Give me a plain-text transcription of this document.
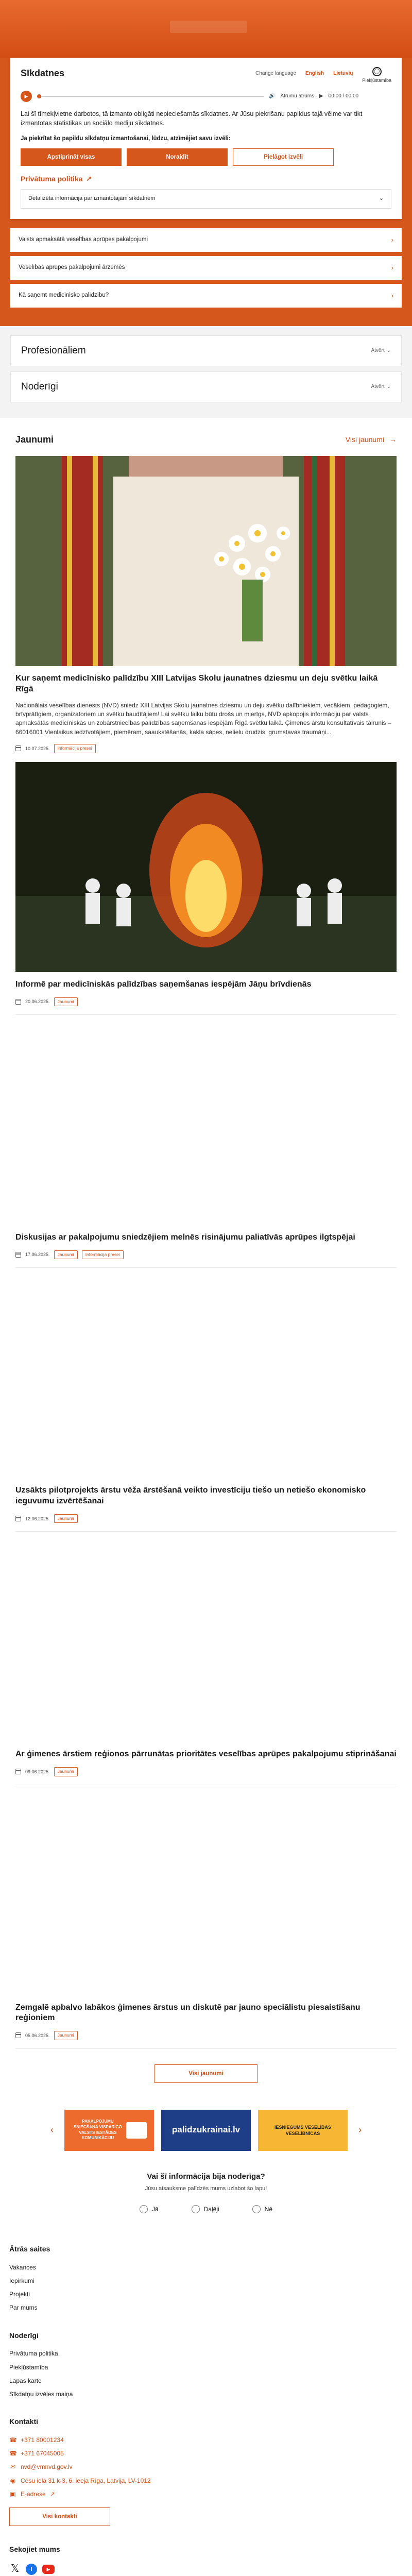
Sīkdatnes	Change language English Lietuvių	◯
Piekļūstamība
▶	🔊 Ātrumu ātrums ▶ 00:00 / 00:00

Lai šī tīmekļvietne darbotos, tā izmanto obligāti nepieciešamās sīkdatnes. Ar Jūsu piekrišanu papildus tajā vēlme var tikt izmantotas statistikas un sociālo mediju sīkdatnes.

Ja piekrītat šo papildu sīkdatņu izmantošanai, lūdzu, atzīmējiet savu izvēli:

Apstiprināt visas	Noraidīt	Pielāgot izvēli
Privātuma politika ↗
Detalizēta informācija par izmantotajām sīkdatnēm	⌄
Valsts apmaksātā veselības aprūpes pakalpojumi	›
Veselības aprūpes pakalpojumi ārzemēs	›
Kā saņemt medicīnisko palīdzību?	›
Profesionāliem	Atvērt ⌄
Noderīgi	Atvērt ⌄
Jaunumi	Visi jaunumi →
Kur saņemt medicīnisko palīdzību XIII Latvijas Skolu jaunatnes dziesmu un deju svētku laikā Rīgā

Nacionālais veselības dienests (NVD) sniedz XIII Latvijas Skolu jaunatnes dziesmu un deju svētku dalībniekiem, vecākiem, pedagogiem, brīvprātīgiem, organizatoriem un svētku baudītājiem! Lai svētku laiku būtu drošs un mierīgs, NVD apkopojis informāciju par valsts apmaksātās medicīniskās un zobārstniecības palīdzības saņemšanas iespējām Rīgā svētku laikā. Ģimenes ārstu konsultatīvais tālrunis – 66016001 Vienlaikus iedzīvotājiem, piemēram, saaukstēšanās, kakla sāpes, nelielu drudzis, grumstavas traumāņi...

10.07.2025.	Informācija presei
Informē par medicīniskās palīdzības saņemšanas iespējām Jāņu brīvdienās
20.06.2025.	Jaunumi
Diskusijas ar pakalpojumu sniedzējiem melnēs risinājumu paliatīvās aprūpes ilgtspējai
17.06.2025.	Jaunumi	Informācija presei
Uzsākts pilotprojekts ārstu vēža ārstēšanā veikto investīciju tiešo un netiešo ekonomisko ieguvumu izvērtēšanai
12.06.2025.	Jaunumi
Ar ģimenes ārstiem reģionos pārrunātas prioritātes veselības aprūpes pakalpojumu stiprināšanai
09.06.2025.	Jaunumi
Zemgalē apbalvo labākos ģimenes ārstus un diskutē par jauno speciālistu piesaistīšanu reģioniem
05.06.2025.	Jaunumi
Visi jaunumi
‹
PAKALPOJUMU SNIEGŠANA VISPĀRĪGO VALSTS IESTĀDES KOMUNIKĀCIJU
palidzukrainai.lv	IESNIEGUMS VESELĪBAS VESELĪBNĪCAS	›
Vai šī informācija bija noderīga?
Jūsu atsauksme palīdzēs mums uzlabot šo lapu!
Jā	Daļēji	Nē
Ātrās saites
Vakances
Iepirkumi
Projekti
Par mums
Noderīgi
Privātuma politika
Piekļūstamība
Lapas karte
Sīkdatņu izvēles maiņa
Kontakti
☎ +371 80001234
☎ +371 67045005
✉ nvd@vmnvd.gov.lv
◉ Cēsu iela 31 k-3, 6. ieeja Rīga, Latvija, LV-1012
▣ E-adrese ↗
Visi kontakti
Sekojiet mums
𝕏	f	▶
